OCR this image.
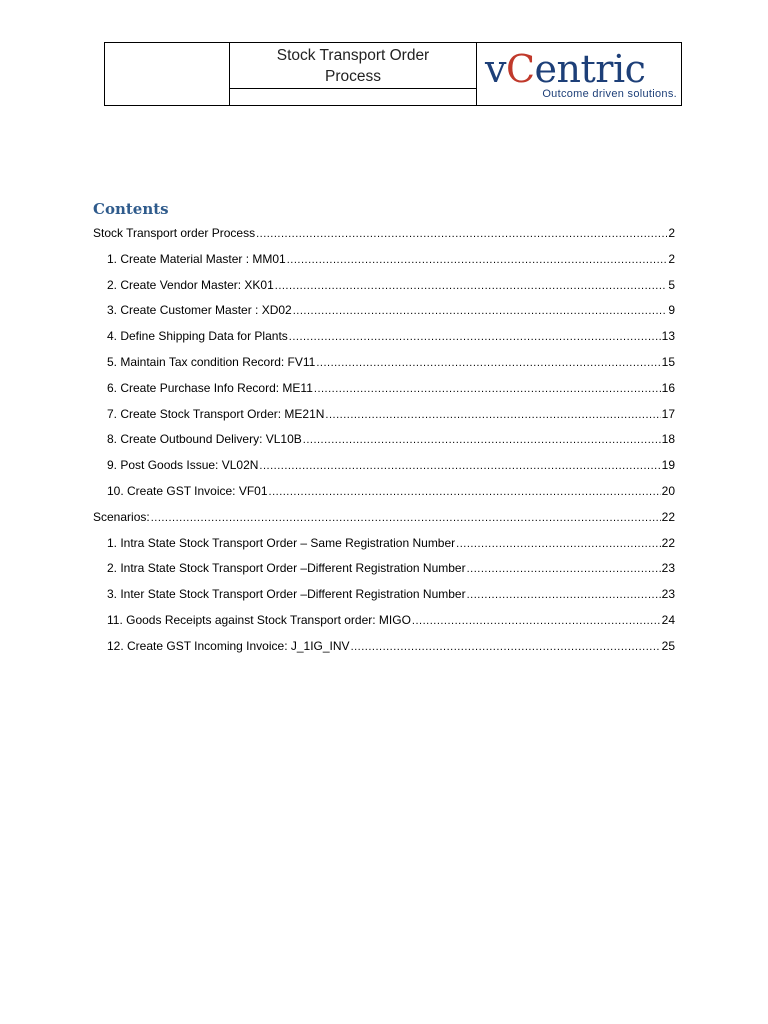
Stock Transport Order
Process	vCentric
Outcome driven solutions.
Contents
Stock Transport order Process .....	2
1. Create Material Master : MM01 .....	2
2. Create Vendor Master: XK01 .....	5
3. Create Customer Master : XD02 .....	9
4. Define Shipping Data for Plants .....	13
5. Maintain Tax condition Record: FV11 .....	15
6. Create Purchase Info Record: ME11 .....	16
7. Create Stock Transport Order: ME21N .....	17
8. Create Outbound Delivery: VL10B .....	18
9. Post Goods Issue: VL02N .....	19
10. Create GST Invoice: VF01 .....	20
Scenarios: .....	22
1. Intra State Stock Transport Order – Same Registration Number .....	22
2. Intra State Stock Transport Order –Different Registration Number .....	23
3. Inter State Stock Transport Order –Different Registration Number .....	23
11. Goods Receipts against Stock Transport order: MIGO .....	24
12. Create GST Incoming Invoice: J_1IG_INV .....	25
